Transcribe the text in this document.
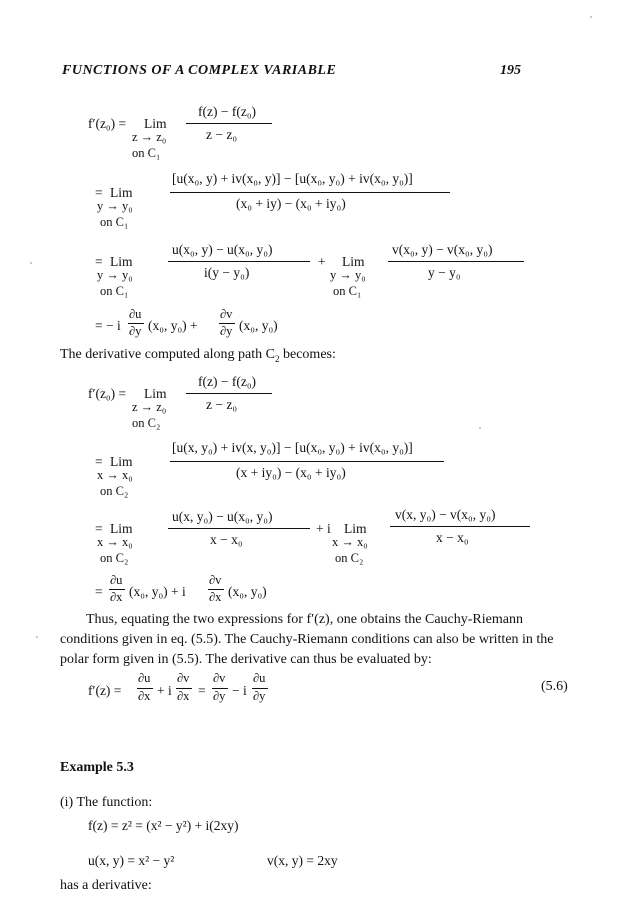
FUNCTIONS OF A COMPLEX VARIABLE	195
f′(z₀) = Lim
z → z₀
on C₁
f(z) − f(z₀)
z − z₀
= Lim
y → y₀
on C₁
[u(x₀, y) + iv(x₀, y)] − [u(x₀, y₀) + iv(x₀, y₀)]
(x₀ + iy) − (x₀ + iy₀)
= Lim
y → y₀
on C₁
u(x₀, y) − u(x₀, y₀)
i(y − y₀)
+ Lim
y → y₀
on C₁
v(x₀, y) − v(x₀, y₀)
y − y₀
= − i
∂u
∂y (x₀, y₀) +
∂v
∂y (x₀, y₀)
The derivative computed along path $C_2$ becomes:
f′(z₀) = Lim
z → z₀
on C₂
f(z) − f(z₀)
z − z₀
= Lim
x → x₀
on C₂
[u(x, y₀) + iv(x, y₀)] − [u(x₀, y₀) + iv(x₀, y₀)]
(x + iy₀) − (x₀ + iy₀)
= Lim
x → x₀
on C₂
u(x, y₀) − u(x₀, y₀)
x − x₀
+ i Lim
x → x₀
on C₂
v(x, y₀) − v(x₀, y₀)
x − x₀
=
∂u
∂x (x₀, y₀) + i
∂v
∂x (x₀, y₀)
Thus, equating the two expressions for f′(z), one obtains the Cauchy-Riemann
conditions given in eq. (5.5). The Cauchy-Riemann conditions can also be written in the
polar form given in (5.5). The derivative can thus be evaluated by:
f′(z) =
∂u
∂x + i
∂v
∂x =
∂v
∂y − i
∂u
∂y
(5.6)
Example 5.3
(i) The function:
f(z) = z² = (x² − y²) + i(2xy)
u(x, y) = x² − y²	v(x, y) = 2xy
has a derivative:
